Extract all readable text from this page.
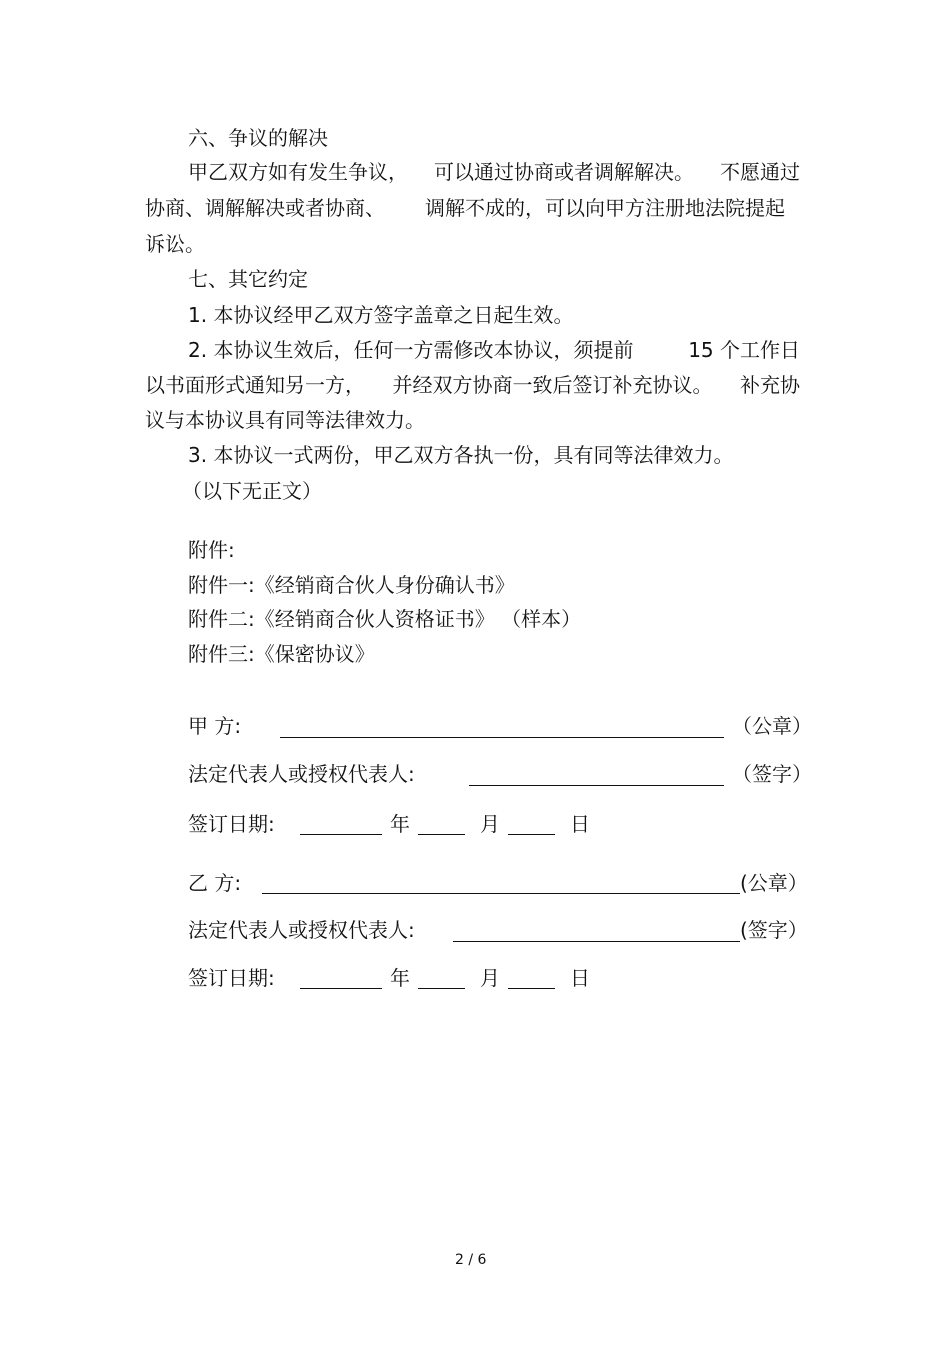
六、争议的解决
甲乙双方如有发生争议， 可以通过协商或者调解解决。 不愿通过
协商、调解解决或者协商、 调解不成的，可以向甲方注册地法院提起
诉讼。
七、其它约定
1. 本协议经甲乙双方签字盖章之日起生效。
2. 本协议生效后，任何一方需修改本协议，须提前	15 个工作日
以书面形式通知另一方， 并经双方协商一致后签订补充协议。 补充协
议与本协议具有同等法律效力。
3. 本协议一式两份，甲乙双方各执一份，具有同等法律效力。
（以下无正文）
附件:
附件一:《经销商合伙人身份确认书》
附件二:《经销商合伙人资格证书》 （样本）
附件三:《保密协议》
甲 方:	（公章）
法定代表人或授权代表人:	（签字）
签订日期:	年	月	日
乙 方:	(公章）
法定代表人或授权代表人:	(签字）
签订日期:	年	月	日
2 / 6
